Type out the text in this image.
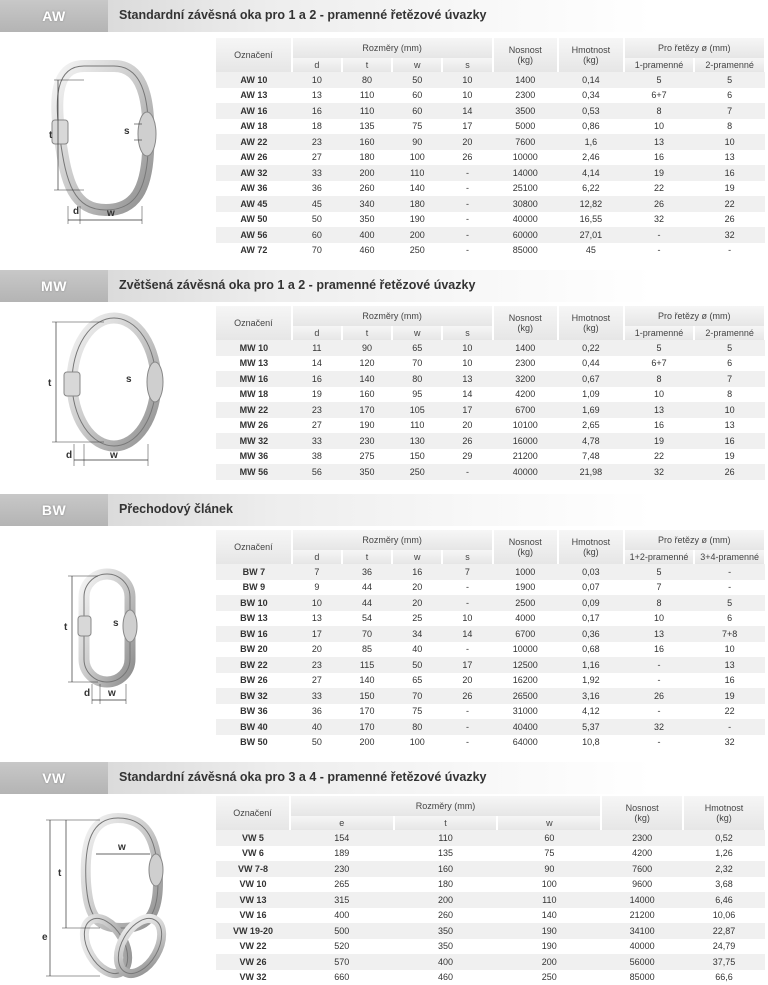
AW	Standardní závěsná oka pro 1 a 2 - pramenné řetězové úvazky
t	s
d	w
Označení	Rozměry (mm)				Nosnost
(kg)	Hmotnost
(kg)	Pro řetězy ø (mm)	
	d	t	w	s			1-pramenné	2-pramenné
AW 10	10	80	50	10	1400	0,14	5	5
AW 13	13	110	60	10	2300	0,34	6+7	6
AW 16	16	110	60	14	3500	0,53	8	7
AW 18	18	135	75	17	5000	0,86	10	8
AW 22	23	160	90	20	7600	1,6	13	10
AW 26	27	180	100	26	10000	2,46	16	13
AW 32	33	200	110	-	14000	4,14	19	16
AW 36	36	260	140	-	25100	6,22	22	19
AW 45	45	340	180	-	30800	12,82	26	22
AW 50	50	350	190	-	40000	16,55	32	26
AW 56	60	400	200	-	60000	27,01	-	32
AW 72	70	460	250	-	85000	45	-	-
MW	Zvětšená závěsná oka pro 1 a 2 - pramenné řetězové úvazky
t	s
d	w
Označení	Rozměry (mm)				Nosnost
(kg)	Hmotnost
(kg)	Pro řetězy ø (mm)	
	d	t	w	s			1-pramenné	2-pramenné
MW 10	11	90	65	10	1400	0,22	5	5
MW 13	14	120	70	10	2300	0,44	6+7	6
MW 16	16	140	80	13	3200	0,67	8	7
MW 18	19	160	95	14	4200	1,09	10	8
MW 22	23	170	105	17	6700	1,69	13	10
MW 26	27	190	110	20	10100	2,65	16	13
MW 32	33	230	130	26	16000	4,78	19	16
MW 36	38	275	150	29	21200	7,48	22	19
MW 56	56	350	250	-	40000	21,98	32	26
BW	Přechodový článek
t	s
d w
Označení	Rozměry (mm)				Nosnost
(kg)	Hmotnost
(kg)	Pro řetězy ø (mm)	
	d	t	w	s			1+2-pramenné	3+4-pramenné
BW 7	7	36	16	7	1000	0,03	5	-
BW 9	9	44	20	-	1900	0,07	7	-
BW 10	10	44	20	-	2500	0,09	8	5
BW 13	13	54	25	10	4000	0,17	10	6
BW 16	17	70	34	14	6700	0,36	13	7+8
BW 20	20	85	40	-	10000	0,68	16	10
BW 22	23	115	50	17	12500	1,16	-	13
BW 26	27	140	65	20	16200	1,92	-	16
BW 32	33	150	70	26	26500	3,16	26	19
BW 36	36	170	75	-	31000	4,12	-	22
BW 40	40	170	80	-	40400	5,37	32	-
BW 50	50	200	100	-	64000	10,8	-	32
VW	Standardní závěsná oka pro 3 a 4 - pramenné řetězové úvazky
w
e
t
Označení	Rozměry (mm)			Nosnost
(kg)	Hmotnost
(kg)
	e	t	w		
VW 5	154	110	60	2300	0,52
VW 6	189	135	75	4200	1,26
VW 7-8	230	160	90	7600	2,32
VW 10	265	180	100	9600	3,68
VW 13	315	200	110	14000	6,46
VW 16	400	260	140	21200	10,06
VW 19-20	500	350	190	34100	22,87
VW 22	520	350	190	40000	24,79
VW 26	570	400	200	56000	37,75
VW 32	660	460	250	85000	66,6
